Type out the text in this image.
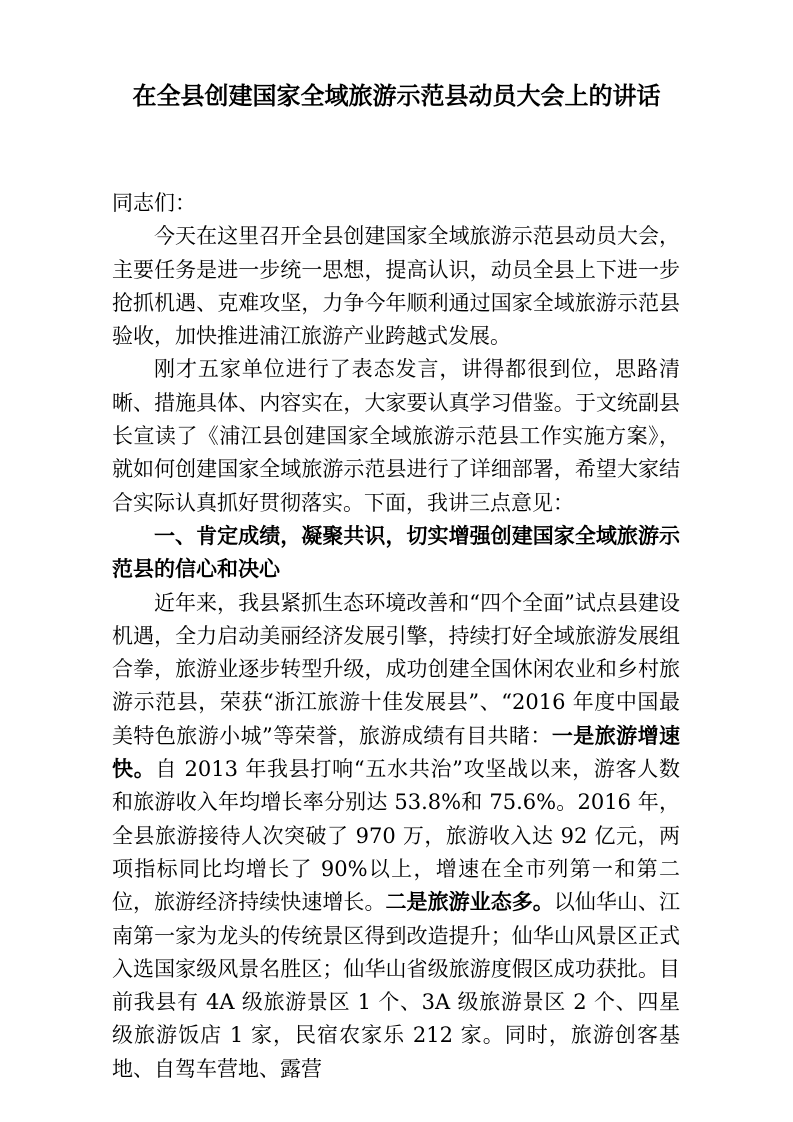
在全县创建国家全域旅游示范县动员大会上的讲话

同志们：

今天在这里召开全县创建国家全域旅游示范县动员大会，主要任务是进一步统一思想，提高认识，动员全县上下进一步抢抓机遇、克难攻坚，力争今年顺利通过国家全域旅游示范县验收，加快推进浦江旅游产业跨越式发展。

刚才五家单位进行了表态发言，讲得都很到位，思路清晰、措施具体、内容实在，大家要认真学习借鉴。于文统副县长宣读了《浦江县创建国家全域旅游示范县工作实施方案》，就如何创建国家全域旅游示范县进行了详细部署，希望大家结合实际认真抓好贯彻落实。下面，我讲三点意见：

一、肯定成绩，凝聚共识，切实增强创建国家全域旅游示范县的信心和决心

近年来，我县紧抓生态环境改善和“四个全面”试点县建设机遇，全力启动美丽经济发展引擎，持续打好全域旅游发展组合拳，旅游业逐步转型升级，成功创建全国休闲农业和乡村旅游示范县，荣获“浙江旅游十佳发展县”、“2016 年度中国最美特色旅游小城”等荣誉，旅游成绩有目共睹：一是旅游增速快。自 2013 年我县打响“五水共治”攻坚战以来，游客人数和旅游收入年均增长率分别达 53.8%和 75.6%。2016 年，全县旅游接待人次突破了 970 万，旅游收入达 92 亿元，两项指标同比均增长了 90%以上，增速在全市列第一和第二位，旅游经济持续快速增长。二是旅游业态多。以仙华山、江南第一家为龙头的传统景区得到改造提升；仙华山风景区正式入选国家级风景名胜区；仙华山省级旅游度假区成功获批。目前我县有 4A 级旅游景区 1 个、3A 级旅游景区 2 个、四星级旅游饭店 1 家，民宿农家乐 212 家。同时，旅游创客基地、自驾车营地、露营
